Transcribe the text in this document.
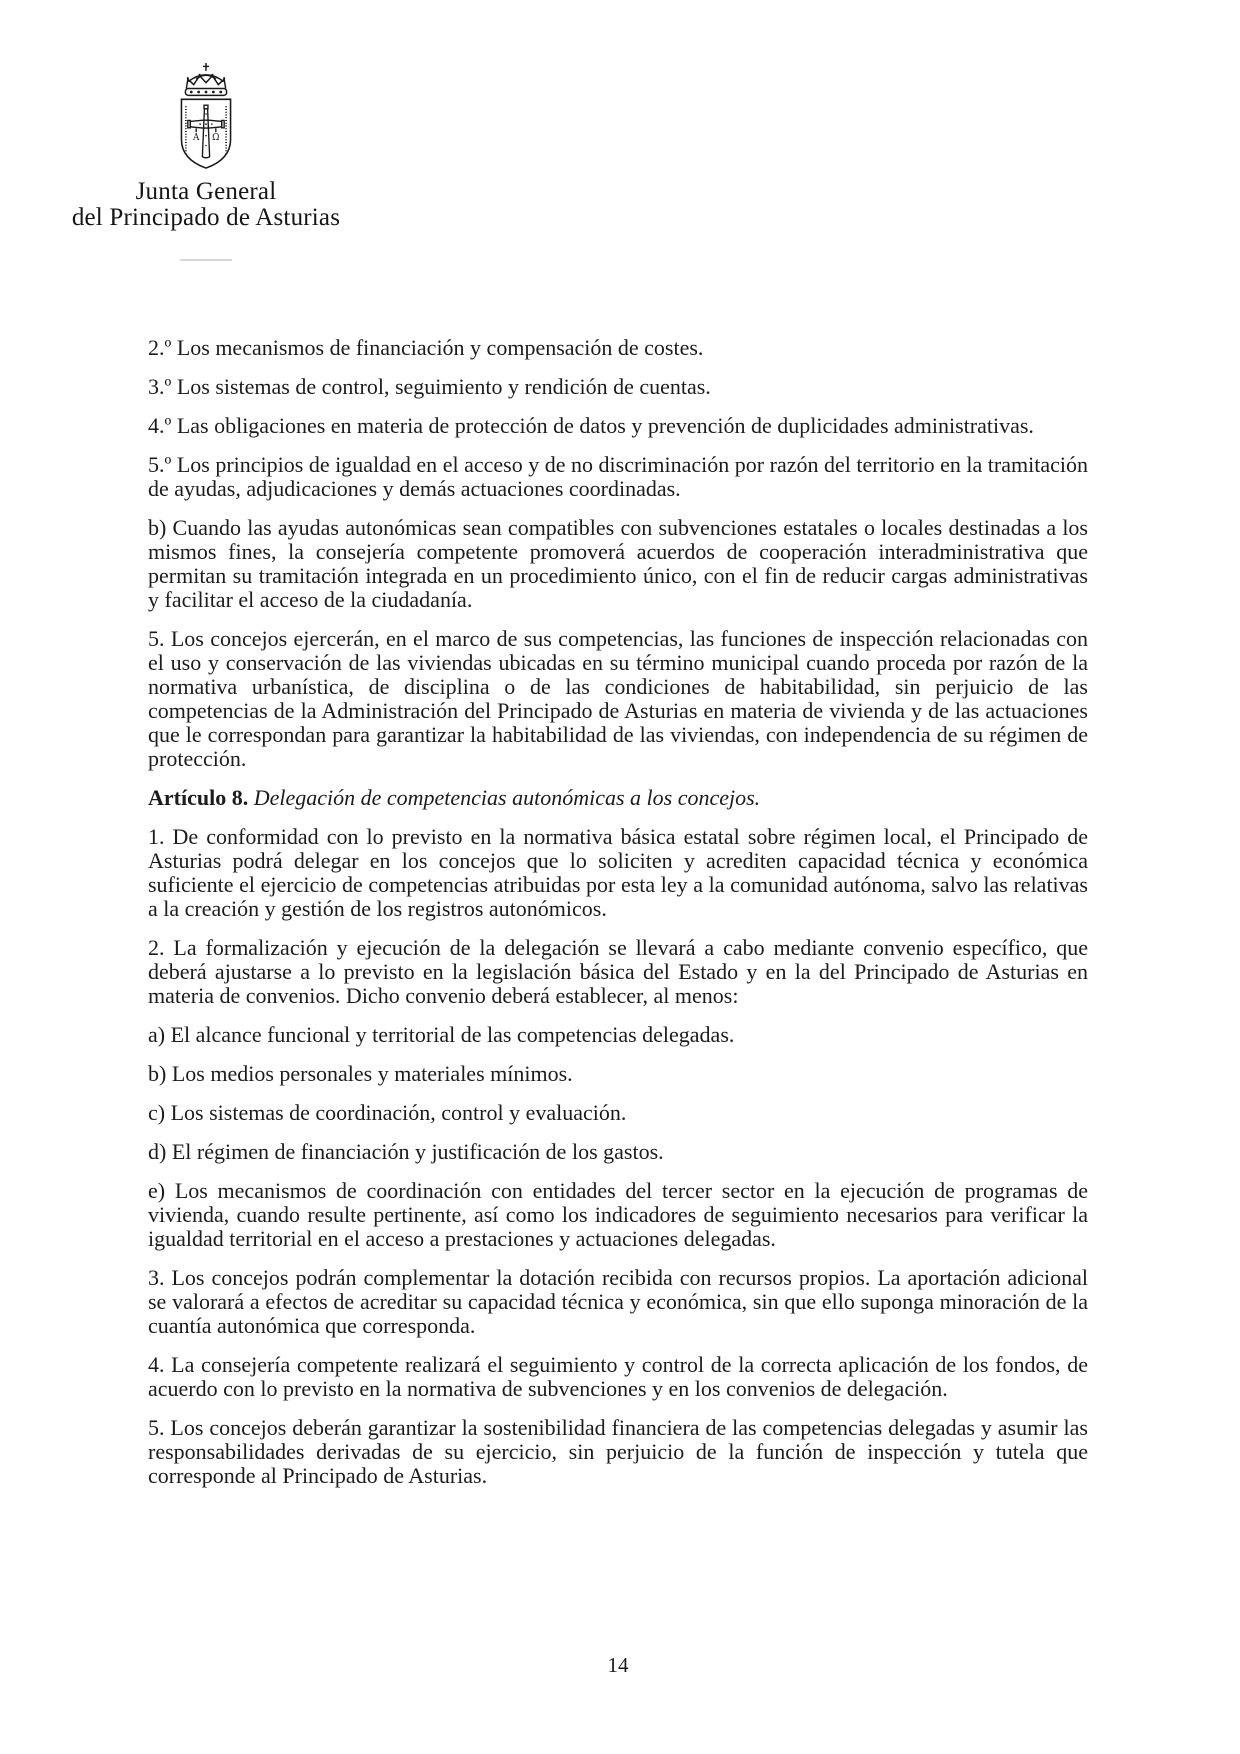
Α Ω
Junta General
del Principado de Asturias

2.º Los mecanismos de financiación y compensación de costes.

3.º Los sistemas de control, seguimiento y rendición de cuentas.

4.º Las obligaciones en materia de protección de datos y prevención de duplicidades administrativas.

5.º Los principios de igualdad en el acceso y de no discriminación por razón del territorio en la tramitación de ayudas, adjudicaciones y demás actuaciones coordinadas.

b) Cuando las ayudas autonómicas sean compatibles con subvenciones estatales o locales destinadas a los mismos fines, la consejería competente promoverá acuerdos de cooperación interadministrativa que permitan su tramitación integrada en un procedimiento único, con el fin de reducir cargas administrativas y facilitar el acceso de la ciudadanía.

5. Los concejos ejercerán, en el marco de sus competencias, las funciones de inspección relacionadas con el uso y conservación de las viviendas ubicadas en su término municipal cuando proceda por razón de la normativa urbanística, de disciplina o de las condiciones de habitabilidad, sin perjuicio de las competencias de la Administración del Principado de Asturias en materia de vivienda y de las actuaciones que le correspondan para garantizar la habitabilidad de las viviendas, con independencia de su régimen de protección.

Artículo 8. Delegación de competencias autonómicas a los concejos.

1. De conformidad con lo previsto en la normativa básica estatal sobre régimen local, el Principado de Asturias podrá delegar en los concejos que lo soliciten y acrediten capacidad técnica y económica suficiente el ejercicio de competencias atribuidas por esta ley a la comunidad autónoma, salvo las relativas a la creación y gestión de los registros autonómicos.

2. La formalización y ejecución de la delegación se llevará a cabo mediante convenio específico, que deberá ajustarse a lo previsto en la legislación básica del Estado y en la del Principado de Asturias en materia de convenios. Dicho convenio deberá establecer, al menos:

a) El alcance funcional y territorial de las competencias delegadas.

b) Los medios personales y materiales mínimos.

c) Los sistemas de coordinación, control y evaluación.

d) El régimen de financiación y justificación de los gastos.

e) Los mecanismos de coordinación con entidades del tercer sector en la ejecución de programas de vivienda, cuando resulte pertinente, así como los indicadores de seguimiento necesarios para verificar la igualdad territorial en el acceso a prestaciones y actuaciones delegadas.

3. Los concejos podrán complementar la dotación recibida con recursos propios. La aportación adicional se valorará a efectos de acreditar su capacidad técnica y económica, sin que ello suponga minoración de la cuantía autonómica que corresponda.

4. La consejería competente realizará el seguimiento y control de la correcta aplicación de los fondos, de acuerdo con lo previsto en la normativa de subvenciones y en los convenios de delegación.

5. Los concejos deberán garantizar la sostenibilidad financiera de las competencias delegadas y asumir las responsabilidades derivadas de su ejercicio, sin perjuicio de la función de inspección y tutela que corresponde al Principado de Asturias.

14
